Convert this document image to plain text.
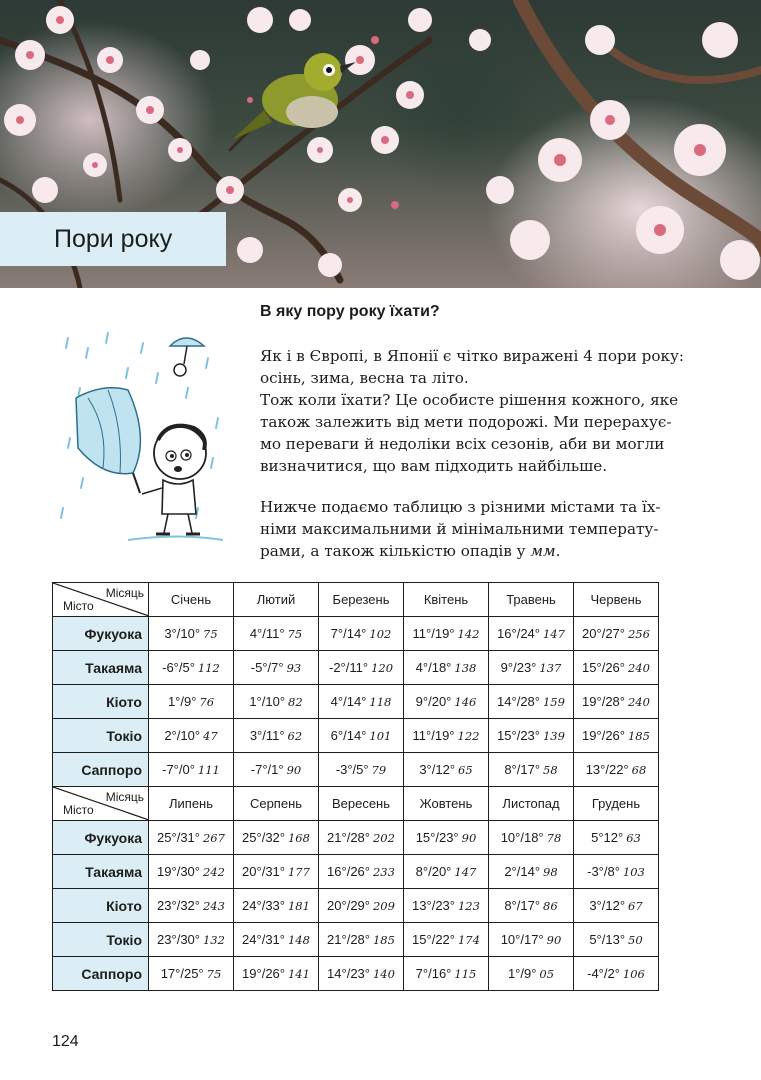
Пори року
В яку пору року їхати?

Як і в Європі, в Японії є чітко виражені 4 пори року:
осінь, зима, весна та літо.
Тож коли їхати? Це особисте рішення кожного, яке
також залежить від мети подорожі. Ми перерахує-
мо переваги й недоліки всіх сезонів, аби ви могли
визначитися, що вам підходить найбільше.

Нижче подаємо таблицю з різними містами та їх-
німи максимальними й мінімальними температу-
рами, а також кількістю опадів у мм.

Місяць
Місто	Січень	Лютий	Березень	Квітень	Травень	Червень
Фукуока	3°/10° 75	4°/11° 75	7°/14° 102	11°/19° 142	16°/24° 147	20°/27° 256
Такаяма	-6°/5° 112	-5°/7° 93	-2°/11° 120	4°/18° 138	9°/23° 137	15°/26° 240
Кіото	1°/9° 76	1°/10° 82	4°/14° 118	9°/20° 146	14°/28° 159	19°/28° 240
Токіо	2°/10° 47	3°/11° 62	6°/14° 101	11°/19° 122	15°/23° 139	19°/26° 185
Саппоро	-7°/0° 111	-7°/1° 90	-3°/5° 79	3°/12° 65	8°/17° 58	13°/22° 68

Місяць
Місто	Липень	Серпень	Вересень	Жовтень	Листопад	Грудень
Фукуока	25°/31° 267	25°/32° 168	21°/28° 202	15°/23° 90	10°/18° 78	5°12° 63
Такаяма	19°/30° 242	20°/31° 177	16°/26° 233	8°/20° 147	2°/14° 98	-3°/8° 103
Кіото	23°/32° 243	24°/33° 181	20°/29° 209	13°/23° 123	8°/17° 86	3°/12° 67
Токіо	23°/30° 132	24°/31° 148	21°/28° 185	15°/22° 174	10°/17° 90	5°/13° 50
Саппоро	17°/25° 75	19°/26° 141	14°/23° 140	7°/16° 115	1°/9° 05	-4°/2° 106
124
